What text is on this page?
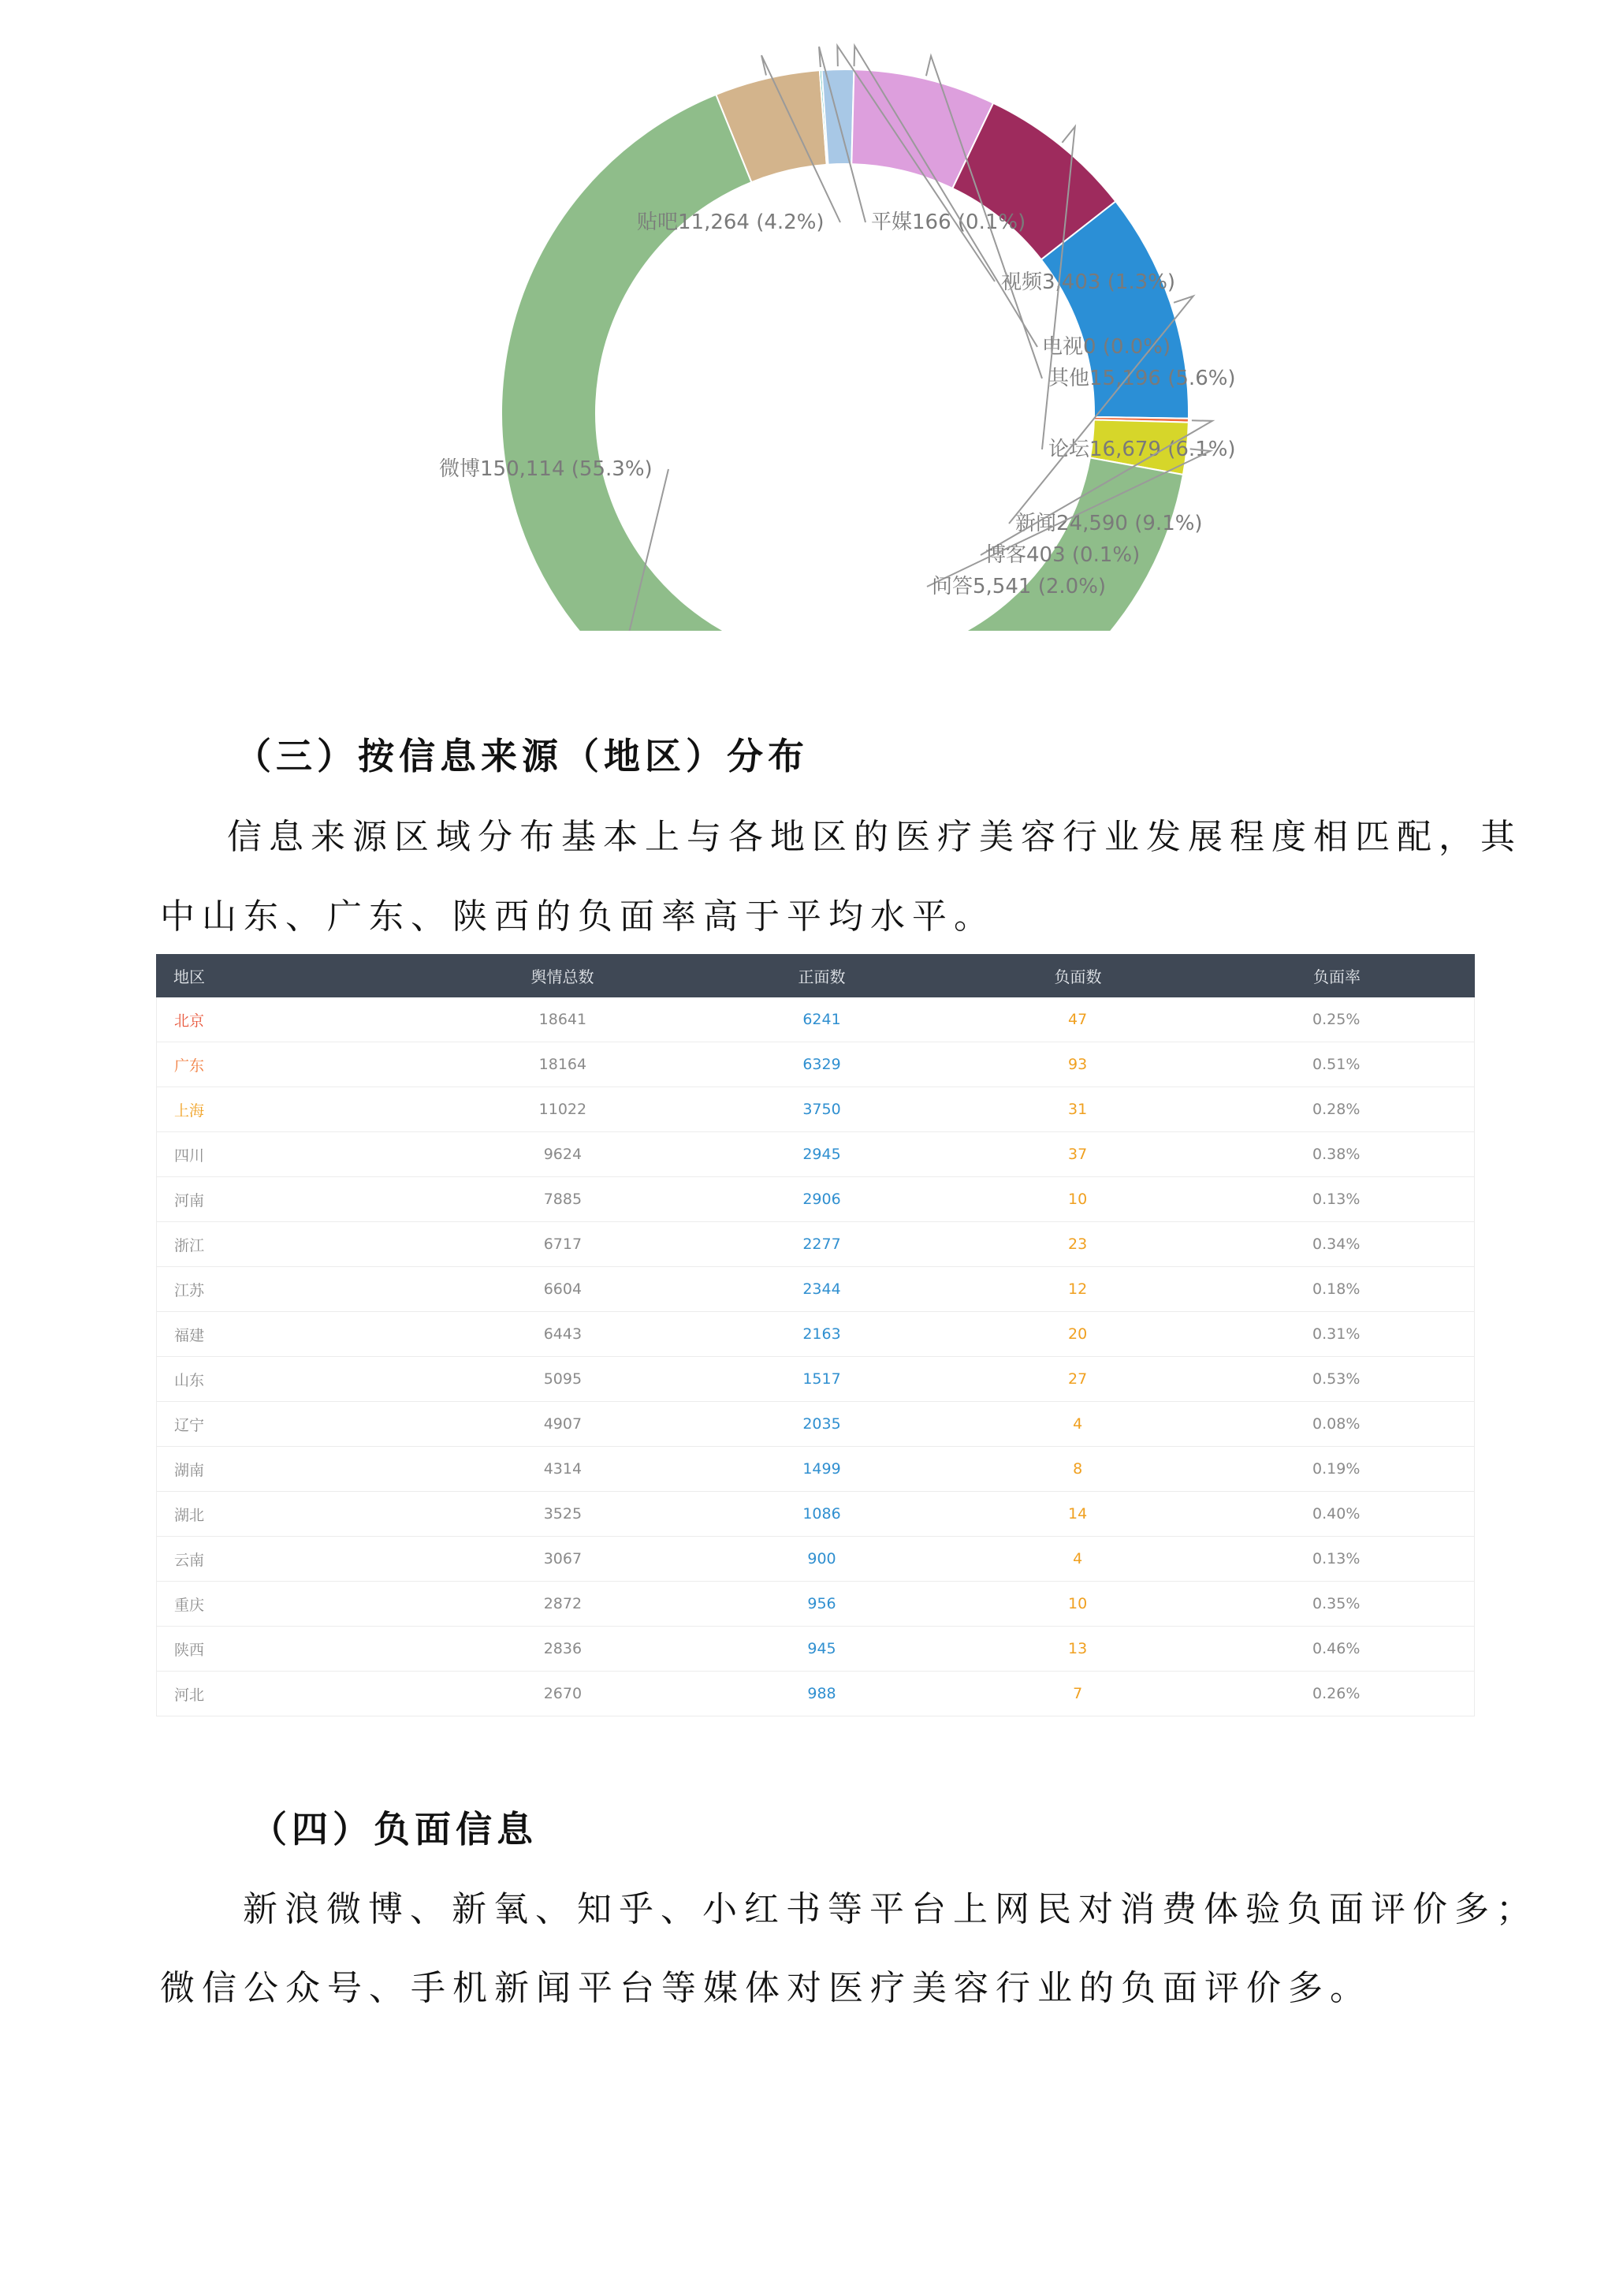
贴吧11,264 (4.2%) 平媒166 (0.1%)
视频3,403 (1.3%)
电视0 (0.0%)
其他15,196 (5.6%)
论坛16,679 (6.1%)
新闻24,590 (9.1%)
博客403 (0.1%)
问答5,541 (2.0%)
微博150,114 (55.3%)
（三）按信息来源（地区）分布

信息来源区域分布基本上与各地区的医疗美容行业发展程度相匹配，其

中山东、广东、陕西的负面率高于平均水平。

地区	舆情总数	正面数	负面数	负面率
北京	18641	6241	47	0.25%
广东	18164	6329	93	0.51%
上海	11022	3750	31	0.28%
四川	9624	2945	37	0.38%
河南	7885	2906	10	0.13%
浙江	6717	2277	23	0.34%
江苏	6604	2344	12	0.18%
福建	6443	2163	20	0.31%
山东	5095	1517	27	0.53%
辽宁	4907	2035	4	0.08%
湖南	4314	1499	8	0.19%
湖北	3525	1086	14	0.40%
云南	3067	900	4	0.13%
重庆	2872	956	10	0.35%
陕西	2836	945	13	0.46%
河北	2670	988	7	0.26%
（四）负面信息

新浪微博、新氧、知乎、小红书等平台上网民对消费体验负面评价多；

微信公众号、手机新闻平台等媒体对医疗美容行业的负面评价多。
